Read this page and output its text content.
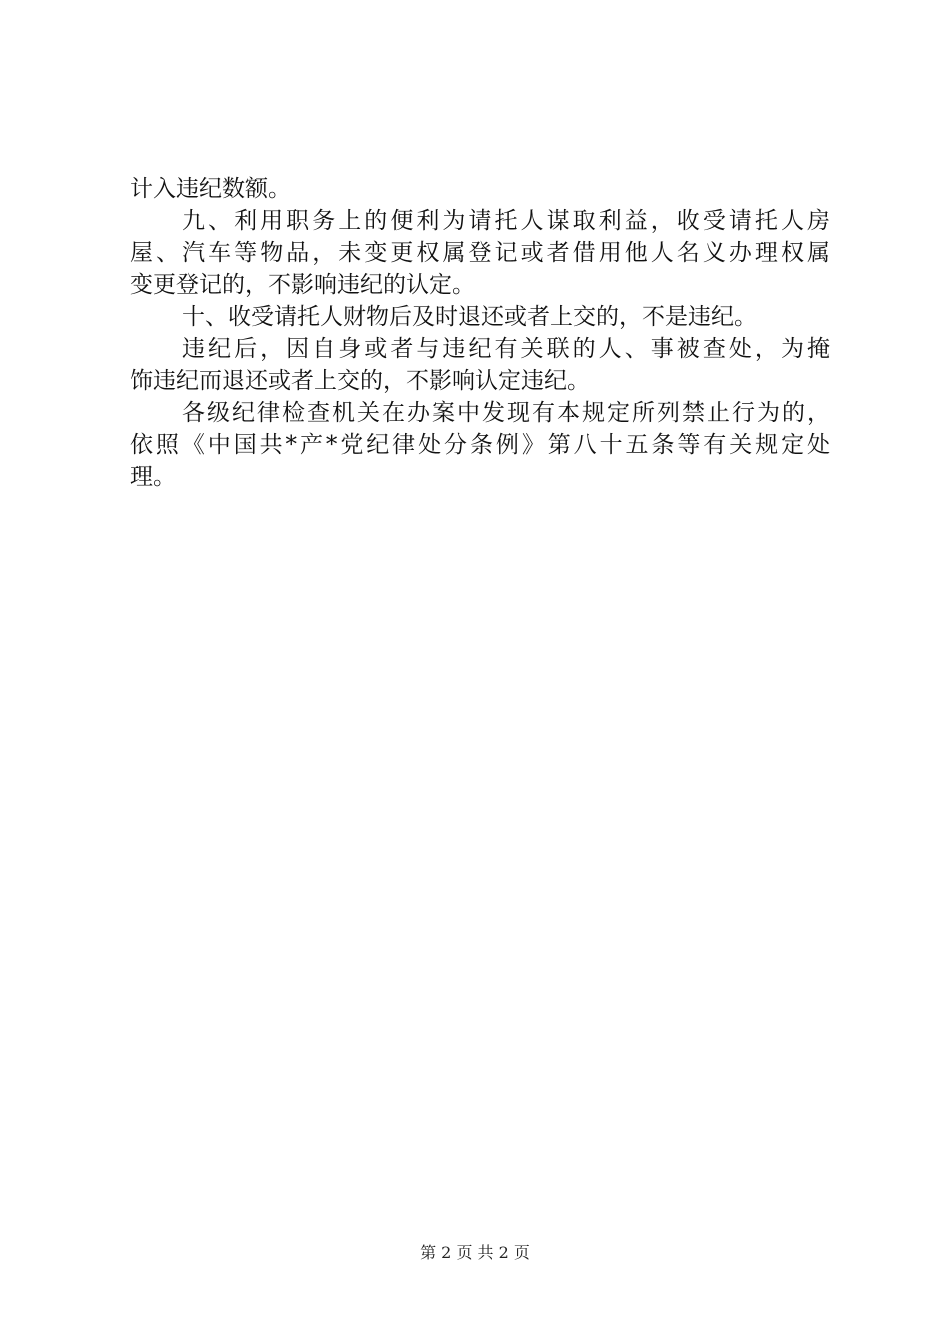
计入违纪数额。
九、利用职务上的便利为请托人谋取利益，收受请托人房
屋、汽车等物品，未变更权属登记或者借用他人名义办理权属
变更登记的，不影响违纪的认定。
十、收受请托人财物后及时退还或者上交的，不是违纪。
违纪后，因自身或者与违纪有关联的人、事被查处，为掩
饰违纪而退还或者上交的，不影响认定违纪。
各级纪律检查机关在办案中发现有本规定所列禁止行为的，
依照《中国共*产*党纪律处分条例》第八十五条等有关规定处
理。
第 2 页 共 2 页
